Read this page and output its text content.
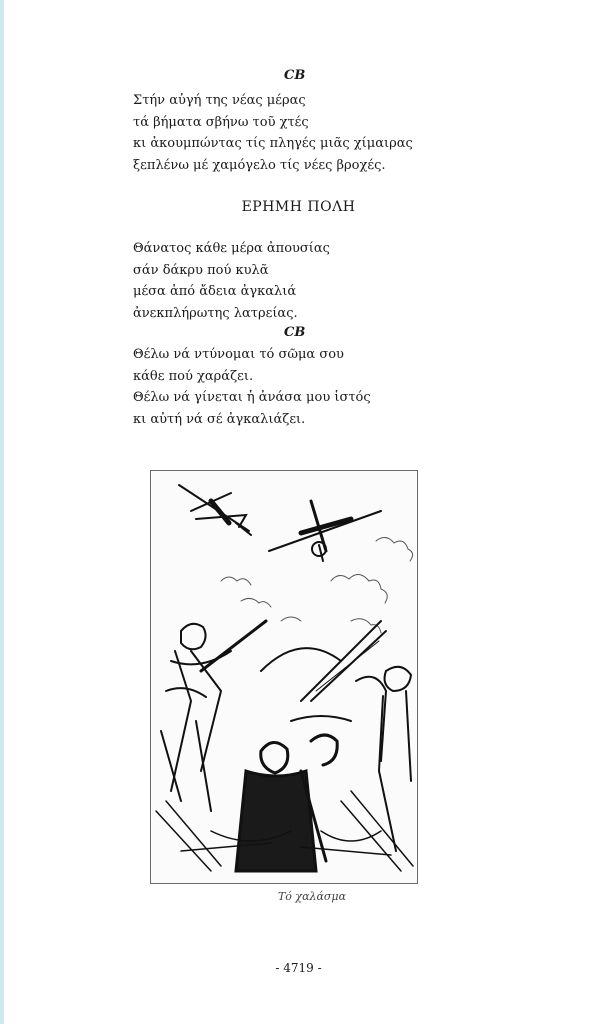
CB
Στήν αὐγή της νέας μέρας
τά βήματα σβήνω τοῦ χτές
κι ἀκουμπώντας τίς πληγές μιᾶς χίμαιρας
ξεπλένω μέ χαμόγελο τίς νέες βροχές.
ΕΡΗΜΗ ΠΟΛΗ
Θάνατος κάθε μέρα ἀπουσίας
σάν δάκρυ πού κυλᾶ
μέσα ἀπό ἄδεια ἀγκαλιά
ἀνεκπλήρωτης λατρείας.
CB
Θέλω νά ντύνομαι τό σῶμα σου
κάθε πού χαράζει.
Θέλω νά γίνεται ἡ ἀνάσα μου ἱστός
κι αὐτή νά σέ ἀγκαλιάζει.
Τό χαλάσμα
- 4719 -
